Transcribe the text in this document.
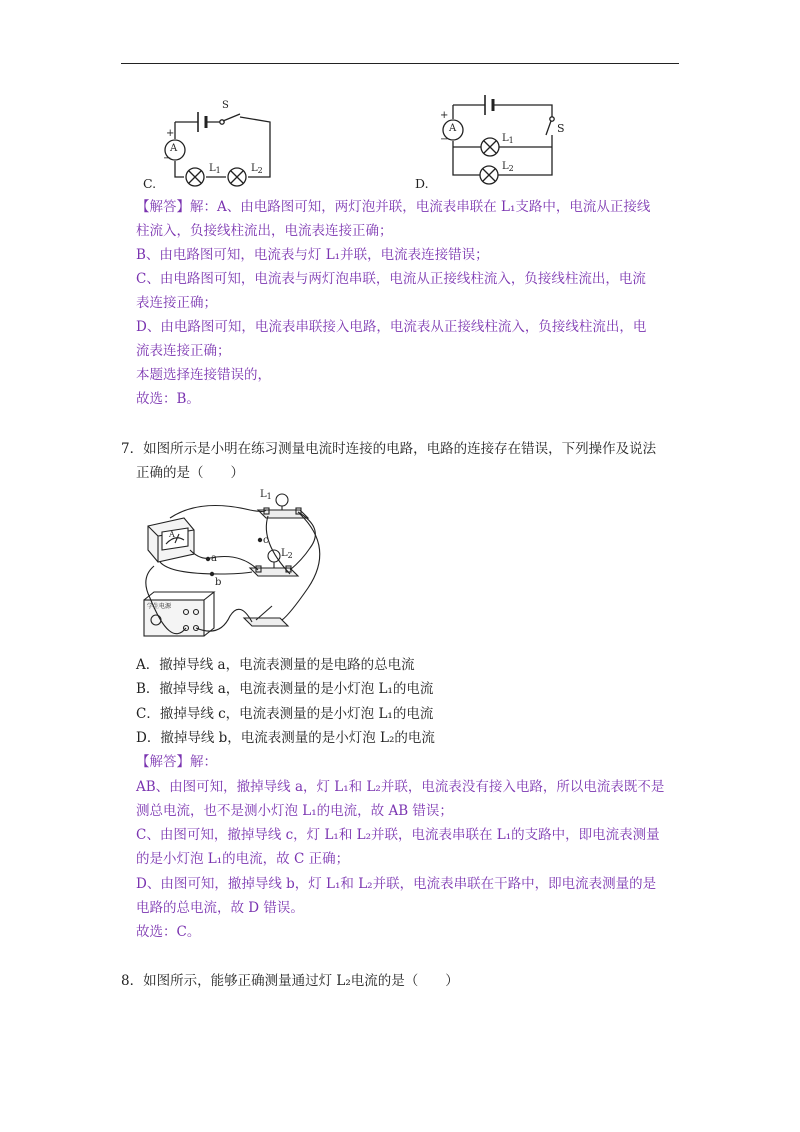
A
S
+
−
$L_1$	$L_2$
C.
A
+
−
S
$L_1$
$L_2$
D.
【解答】解：A、由电路图可知，两灯泡并联，电流表串联在 L₁支路中，电流从正接线
柱流入，负接线柱流出，电流表连接正确；
B、由电路图可知，电流表与灯 L₁并联，电流表连接错误；
C、由电路图可知，电流表与两灯泡串联，电流从正接线柱流入，负接线柱流出，电流
表连接正确；
D、由电路图可知，电流表串联接入电路，电流表从正接线柱流入，负接线柱流出，电
流表连接正确；
本题选择连接错误的，
故选：B。
7．如图所示是小明在练习测量电流时连接的电路，电路的连接存在错误，下列操作及说法
正确的是（　　）
$L_1$
$L_2$
A
a
b
c
学生电源
A．撤掉导线 a，电流表测量的是电路的总电流
B．撤掉导线 a，电流表测量的是小灯泡 L₁的电流
C．撤掉导线 c，电流表测量的是小灯泡 L₁的电流
D．撤掉导线 b，电流表测量的是小灯泡 L₂的电流
【解答】解：
AB、由图可知，撤掉导线 a，灯 L₁和 L₂并联，电流表没有接入电路，所以电流表既不是
测总电流，也不是测小灯泡 L₁的电流，故 AB 错误；
C、由图可知，撤掉导线 c，灯 L₁和 L₂并联，电流表串联在 L₁的支路中，即电流表测量
的是小灯泡 L₁的电流，故 C 正确；
D、由图可知，撤掉导线 b，灯 L₁和 L₂并联，电流表串联在干路中，即电流表测量的是
电路的总电流，故 D 错误。
故选：C。
8．如图所示，能够正确测量通过灯 L₂电流的是（　　）
